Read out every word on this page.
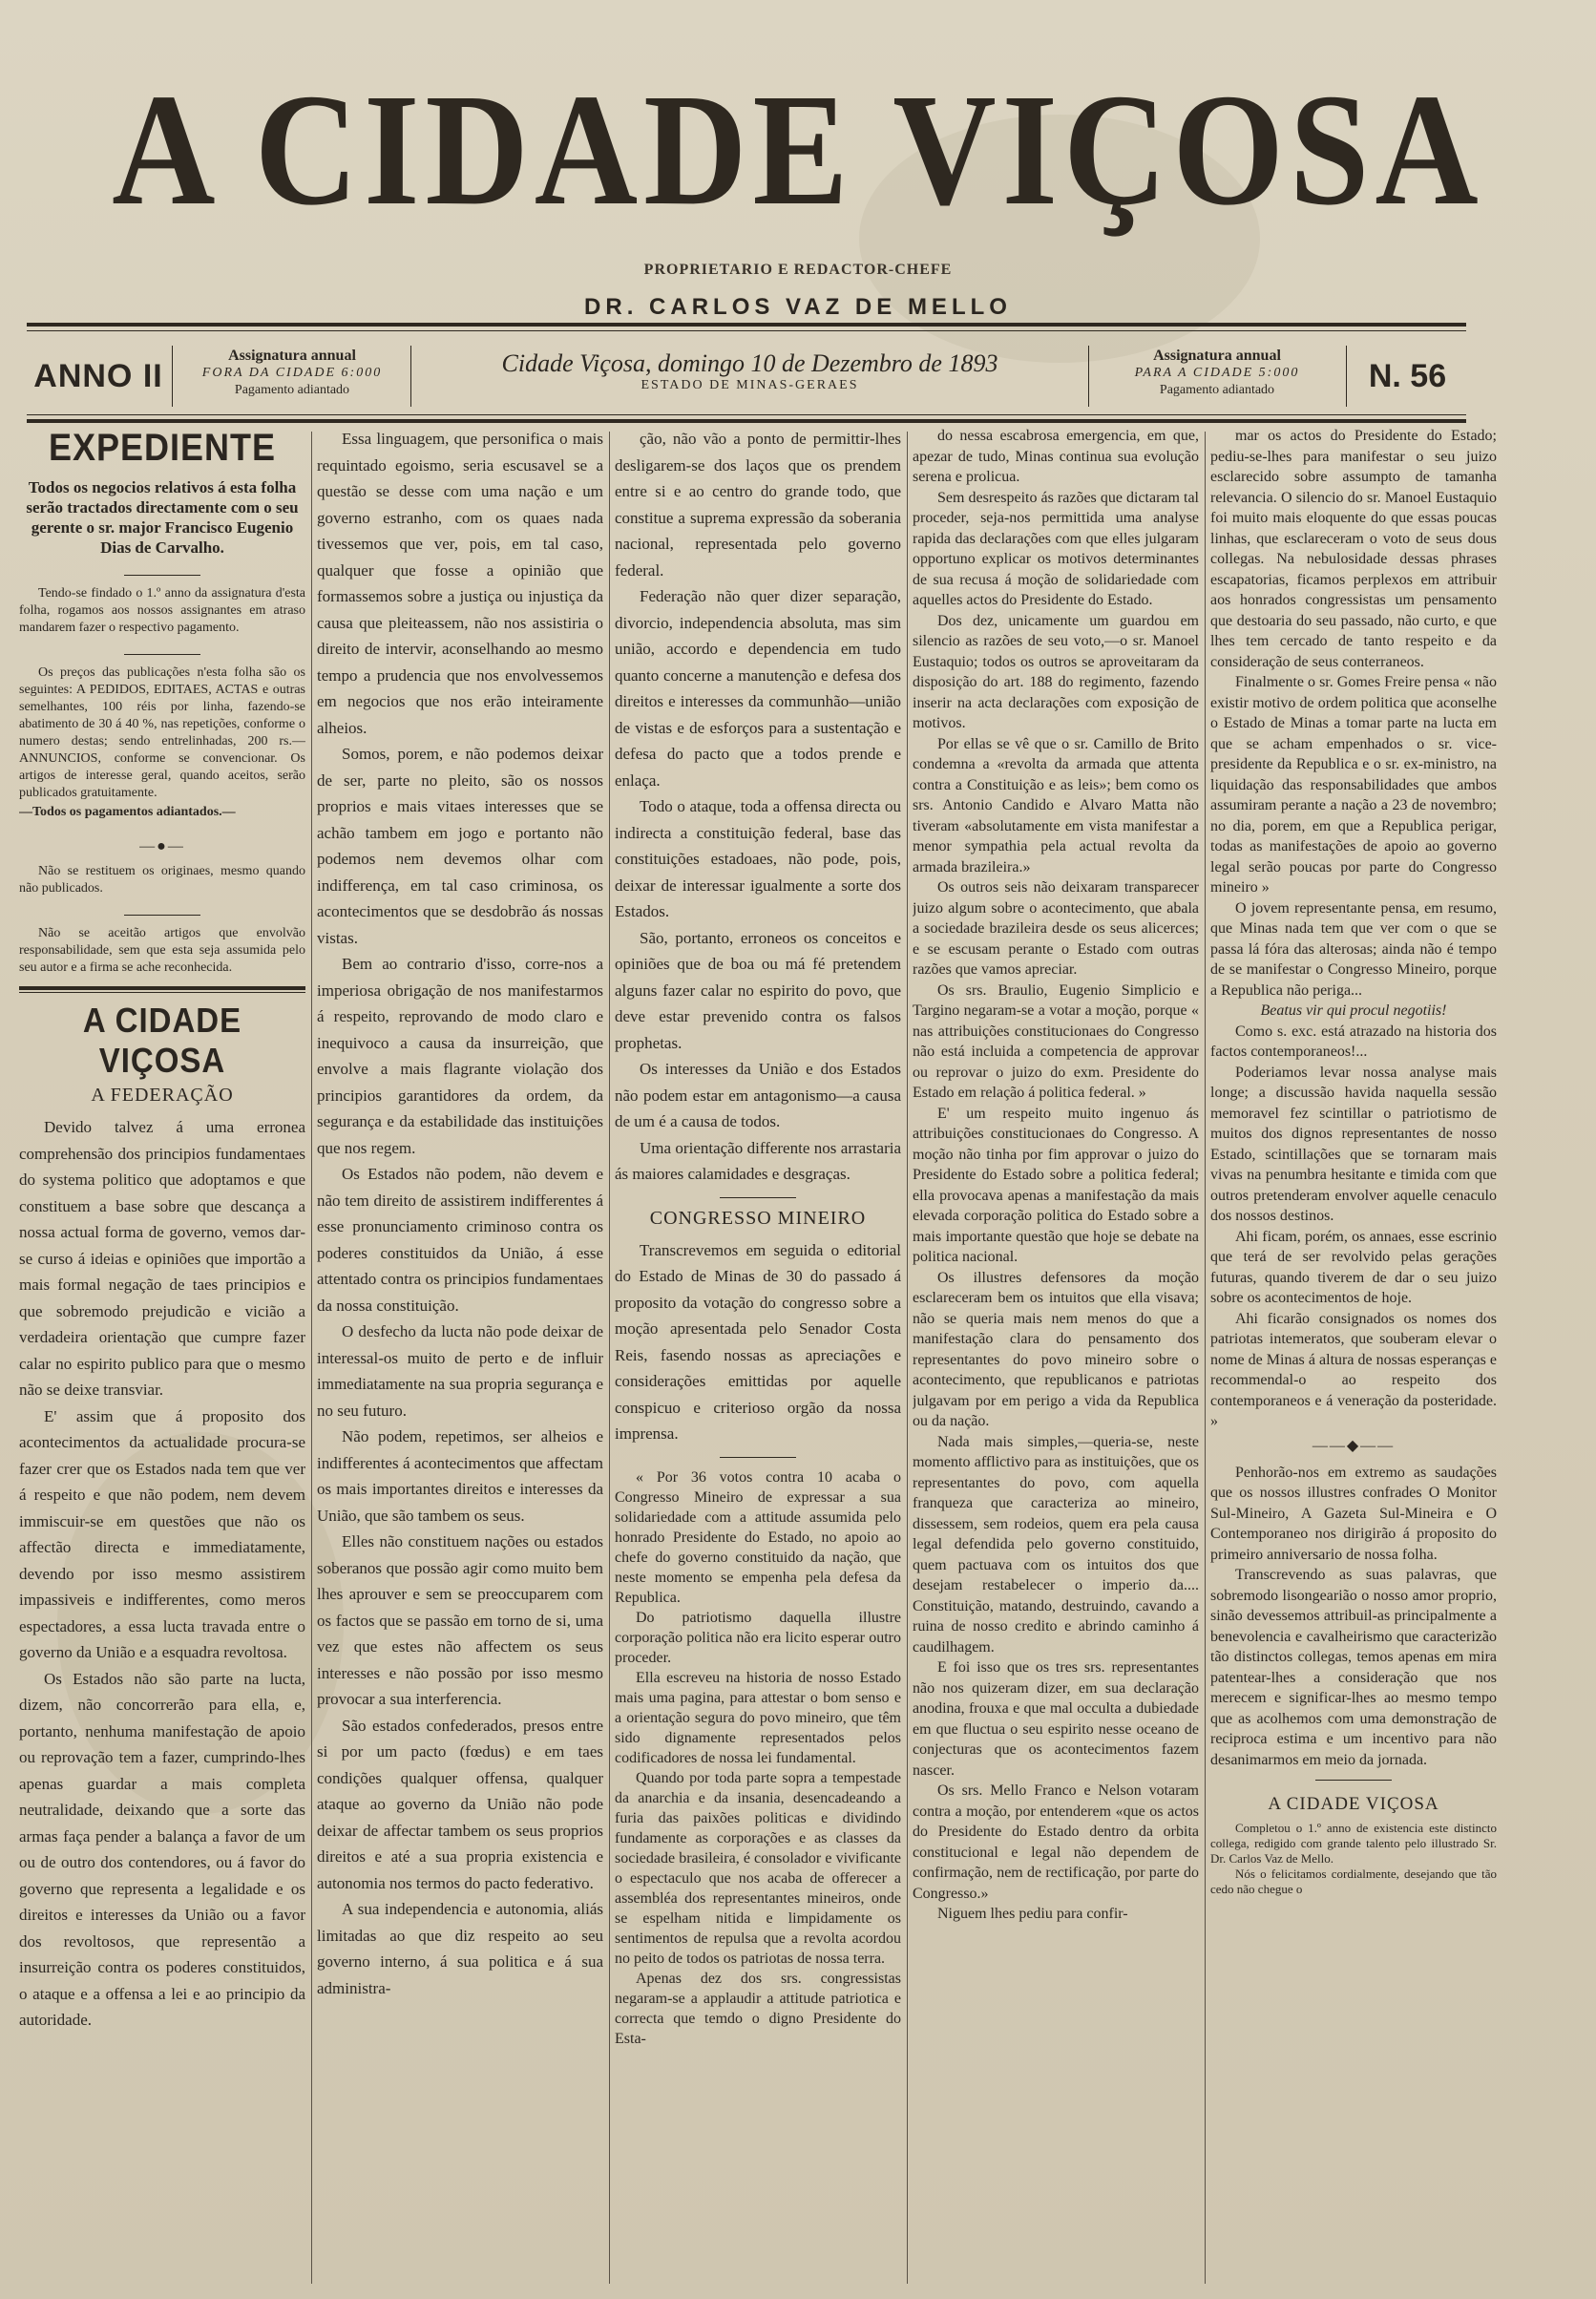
A CIDADE VIÇOSA
PROPRIETARIO E REDACTOR-CHEFE
DR. CARLOS VAZ DE MELLO
ANNO II
Assignatura annual
FORA DA CIDADE 6:000
Pagamento adiantado
Cidade Viçosa, domingo 10 de Dezembro de 1893
ESTADO DE MINAS-GERAES
Assignatura annual
PARA A CIDADE 5:000
Pagamento adiantado	N. 56
EXPEDIENTE
Todos os negocios relativos á esta folha serão tractados directamente com o seu gerente o sr. major Francisco Eugenio Dias de Carvalho.
Tendo-se findado o 1.º anno da assignatura d'esta folha, rogamos aos nossos assignantes em atraso mandarem fazer o respectivo pagamento.
Os preços das publicações n'esta folha são os seguintes: A PEDIDOS, EDITAES, ACTAS e outras semelhantes, 100 réis por linha, fazendo-se abatimento de 30 á 40 %, nas repetições, conforme o numero destas; sendo entrelinhadas, 200 rs.—ANNUNCIOS, conforme se convencionar. Os artigos de interesse geral, quando aceitos, serão publicados gratuitamente.
—Todos os pagamentos adiantados.—
—●—
Não se restituem os originaes, mesmo quando não publicados.
Não se aceitão artigos que envolvão responsabilidade, sem que esta seja assumida pelo seu autor e a firma se ache reconhecida.
A CIDADE VIÇOSA
A FEDERAÇÃO

Devido talvez á uma erronea comprehensão dos principios fundamentaes do systema politico que adoptamos e que constituem a base sobre que descança a nossa actual forma de governo, vemos dar-se curso á ideias e opiniões que importão a mais formal negação de taes principios e que sobremodo prejudicão e vicião a verdadeira orientação que cumpre fazer calar no espirito publico para que o mesmo não se deixe transviar.

E' assim que á proposito dos acontecimentos da actualidade procura-se fazer crer que os Estados nada tem que ver á respeito e que não podem, nem devem immiscuir-se em questões que não os affectão directa e immediatamente, devendo por isso mesmo assistirem impassiveis e indifferentes, como meros espectadores, a essa lucta travada entre o governo da União e a esquadra revoltosa.

Os Estados não são parte na lucta, dizem, não concorrerão para ella, e, portanto, nenhuma manifestação de apoio ou reprovação tem a fazer, cumprindo-lhes apenas guardar a mais completa neutralidade, deixando que a sorte das armas faça pender a balança a favor de um ou de outro dos contendores, ou á favor do governo que representa a legalidade e os direitos e interesses da União ou a favor dos revoltosos, que representão a insurreição contra os poderes constituidos, o ataque e a offensa a lei e ao principio da autoridade.

Essa linguagem, que personifica o mais requintado egoismo, seria escusavel se a questão se desse com uma nação e um governo estranho, com os quaes nada tivessemos que ver, pois, em tal caso, qualquer que fosse a opinião que formassemos sobre a justiça ou injustiça da causa que pleiteassem, não nos assistiria o direito de intervir, aconselhando ao mesmo tempo a prudencia que nos envolvessemos em negocios que nos erão inteiramente alheios.

Somos, porem, e não podemos deixar de ser, parte no pleito, são os nossos proprios e mais vitaes interesses que se achão tambem em jogo e portanto não podemos nem devemos olhar com indifferença, em tal caso criminosa, os acontecimentos que se desdobrão ás nossas vistas.

Bem ao contrario d'isso, corre-nos a imperiosa obrigação de nos manifestarmos á respeito, reprovando de modo claro e inequivoco a causa da insurreição, que envolve a mais flagrante violação dos principios garantidores da ordem, da segurança e da estabilidade das instituições que nos regem.

Os Estados não podem, não devem e não tem direito de assistirem indifferentes á esse pronunciamento criminoso contra os poderes constituidos da União, á esse attentado contra os principios fundamentaes da nossa constituição.

O desfecho da lucta não pode deixar de interessal-os muito de perto e de influir immediatamente na sua propria segurança e no seu futuro.

Não podem, repetimos, ser alheios e indifferentes á acontecimentos que affectam os mais importantes direitos e interesses da União, que são tambem os seus.

Elles não constituem nações ou estados soberanos que possão agir como muito bem lhes aprouver e sem se preoccuparem com os factos que se passão em torno de si, uma vez que estes não affectem os seus interesses e não possão por isso mesmo provocar a sua interferencia.

São estados confederados, presos entre si por um pacto (fœdus) e em taes condições qualquer offensa, qualquer ataque ao governo da União não pode deixar de affectar tambem os seus proprios direitos e até a sua propria existencia e autonomia nos termos do pacto federativo.

A sua independencia e autonomia, aliás limitadas ao que diz respeito ao seu governo interno, á sua politica e á sua administra-

ção, não vão a ponto de permittir-lhes desligarem-se dos laços que os prendem entre si e ao centro do grande todo, que constitue a suprema expressão da soberania nacional, representada pelo governo federal.

Federação não quer dizer separação, divorcio, independencia absoluta, mas sim união, accordo e dependencia em tudo quanto concerne a manutenção e defesa dos direitos e interesses da communhão—união de vistas e de esforços para a sustentação e defesa do pacto que a todos prende e enlaça.

Todo o ataque, toda a offensa directa ou indirecta a constituição federal, base das constituições estadoaes, não pode, pois, deixar de interessar igualmente a sorte dos Estados.

São, portanto, erroneos os conceitos e opiniões que de boa ou má fé pretendem alguns fazer calar no espirito do povo, que deve estar prevenido contra os falsos prophetas.

Os interesses da União e dos Estados não podem estar em antagonismo—a causa de um é a causa de todos.

Uma orientação differente nos arrastaria ás maiores calamidades e desgraças.

CONGRESSO MINEIRO

Transcrevemos em seguida o editorial do Estado de Minas de 30 do passado á proposito da votação do congresso sobre a moção apresentada pelo Senador Costa Reis, fasendo nossas as apreciações e considerações emittidas por aquelle conspicuo e criterioso orgão da nossa imprensa.

« Por 36 votos contra 10 acaba o Congresso Mineiro de expressar a sua solidariedade com a attitude assumida pelo honrado Presidente do Estado, no apoio ao chefe do governo constituido da nação, que neste momento se empenha pela defesa da Republica.

Do patriotismo daquella illustre corporação politica não era licito esperar outro proceder.

Ella escreveu na historia de nosso Estado mais uma pagina, para attestar o bom senso e a orientação segura do povo mineiro, que têm sido dignamente representados pelos codificadores de nossa lei fundamental.

Quando por toda parte sopra a tempestade da anarchia e da insania, desencadeando a furia das paixões politicas e dividindo fundamente as corporações e as classes da sociedade brasileira, é consolador e vivificante o espectaculo que nos acaba de offerecer a assembléa dos representantes mineiros, onde se espelham nitida e limpidamente os sentimentos de repulsa que a revolta acordou no peito de todos os patriotas de nossa terra.

Apenas dez dos srs. congressistas negaram-se a applaudir a attitude patriotica e correcta que temdo o digno Presidente do Esta-

do nessa escabrosa emergencia, em que, apezar de tudo, Minas continua sua evolução serena e prolicua.

Sem desrespeito ás razões que dictaram tal proceder, seja-nos permittida uma analyse rapida das declarações com que elles julgaram opportuno explicar os motivos determinantes de sua recusa á moção de solidariedade com aquelles actos do Presidente do Estado.

Dos dez, unicamente um guardou em silencio as razões de seu voto,—o sr. Manoel Eustaquio; todos os outros se aproveitaram da disposição do art. 188 do regimento, fazendo inserir na acta declarações com exposição de motivos.

Por ellas se vê que o sr. Camillo de Brito condemna a «revolta da armada que attenta contra a Constituição e as leis»; bem como os srs. Antonio Candido e Alvaro Matta não tiveram «absolutamente em vista manifestar a menor sympathia pela actual revolta da armada brazileira.»

Os outros seis não deixaram transparecer juizo algum sobre o acontecimento, que abala a sociedade brazileira desde os seus alicerces; e se escusam perante o Estado com outras razões que vamos apreciar.

Os srs. Braulio, Eugenio Simplicio e Targino negaram-se a votar a moção, porque « nas attribuições constitucionaes do Congresso não está incluida a competencia de approvar ou reprovar o juizo do exm. Presidente do Estado em relação á politica federal. »

E' um respeito muito ingenuo ás attribuições constitucionaes do Congresso. A moção não tinha por fim approvar o juizo do Presidente do Estado sobre a politica federal; ella provocava apenas a manifestação da mais elevada corporação politica do Estado sobre a mais importante questão que hoje se debate na politica nacional.

Os illustres defensores da moção esclareceram bem os intuitos que ella visava; não se queria mais nem menos do que a manifestação clara do pensamento dos representantes do povo mineiro sobre o acontecimento, que republicanos e patriotas julgavam por em perigo a vida da Republica ou da nação.

Nada mais simples,—queria-se, neste momento afflictivo para as instituições, que os representantes do povo, com aquella franqueza que caracteriza ao mineiro, dissessem, sem rodeios, quem era pela causa legal defendida pelo governo constituido, quem pactuava com os intuitos dos que desejam restabelecer o imperio da.... Constituição, matando, destruindo, cavando a ruina de nosso credito e abrindo caminho á caudilhagem.

E foi isso que os tres srs. representantes não nos quizeram dizer, em sua declaração anodina, frouxa e que mal occulta a dubiedade em que fluctua o seu espirito nesse oceano de conjecturas que os acontecimentos fazem nascer.

Os srs. Mello Franco e Nelson votaram contra a moção, por entenderem «que os actos do Presidente do Estado dentro da orbita constitucional e legal não dependem de confirmação, nem de rectificação, por parte do Congresso.»

Niguem lhes pediu para confir-

mar os actos do Presidente do Estado; pediu-se-lhes para manifestar o seu juizo esclarecido sobre assumpto de tamanha relevancia. O silencio do sr. Manoel Eustaquio foi muito mais eloquente do que essas poucas linhas, que esclareceram o voto de seus dous collegas. Na nebulosidade dessas phrases escapatorias, ficamos perplexos em attribuir aos honrados congressistas um pensamento que destoaria do seu passado, não curto, e que lhes tem cercado de tanto respeito e da consideração de seus conterraneos.

Finalmente o sr. Gomes Freire pensa « não existir motivo de ordem politica que aconselhe o Estado de Minas a tomar parte na lucta em que se acham empenhados o sr. vice-presidente da Republica e o sr. ex-ministro, na liquidação das responsabilidades que ambos assumiram perante a nação a 23 de novembro; no dia, porem, em que a Republica perigar, todas as manifestações de apoio ao governo legal serão poucas por parte do Congresso mineiro »

O jovem representante pensa, em resumo, que Minas nada tem que ver com o que se passa lá fóra das alterosas; ainda não é tempo de se manifestar o Congresso Mineiro, porque a Republica não periga...

Beatus vir qui procul negotiis!

Como s. exc. está atrazado na historia dos factos contemporaneos!...

Poderiamos levar nossa analyse mais longe; a discussão havida naquella sessão memoravel fez scintillar o patriotismo de muitos dos dignos representantes de nosso Estado, scintillações que se tornaram mais vivas na penumbra hesitante e timida com que outros pretenderam envolver aquelle cenaculo dos nossos destinos.

Ahi ficam, porém, os annaes, esse escrinio que terá de ser revolvido pelas gerações futuras, quando tiverem de dar o seu juizo sobre os acontecimentos de hoje.

Ahi ficarão consignados os nomes dos patriotas intemeratos, que souberam elevar o nome de Minas á altura de nossas esperanças e recommendal-o ao respeito dos contemporaneos e á veneração da posteridade. »

——◆——

Penhorão-nos em extremo as saudações que os nossos illustres confrades O Monitor Sul-Mineiro, A Gazeta Sul-Mineira e O Contemporaneo nos dirigirão á proposito do primeiro anniversario de nossa folha.

Transcrevendo as suas palavras, que sobremodo lisongearião o nosso amor proprio, sinão devessemos attribuil-as principalmente a benevolencia e cavalheirismo que caracterizão tão distinctos collegas, temos apenas em mira patentear-lhes a consideração que nos merecem e significar-lhes ao mesmo tempo que as acolhemos com uma demonstração de reciproca estima e um incentivo para não desanimarmos em meio da jornada.

A CIDADE VIÇOSA

Completou o 1.º anno de existencia este distincto collega, redigido com grande talento pelo illustrado Sr. Dr. Carlos Vaz de Mello.

Nós o felicitamos cordialmente, desejando que tão cedo não chegue o
